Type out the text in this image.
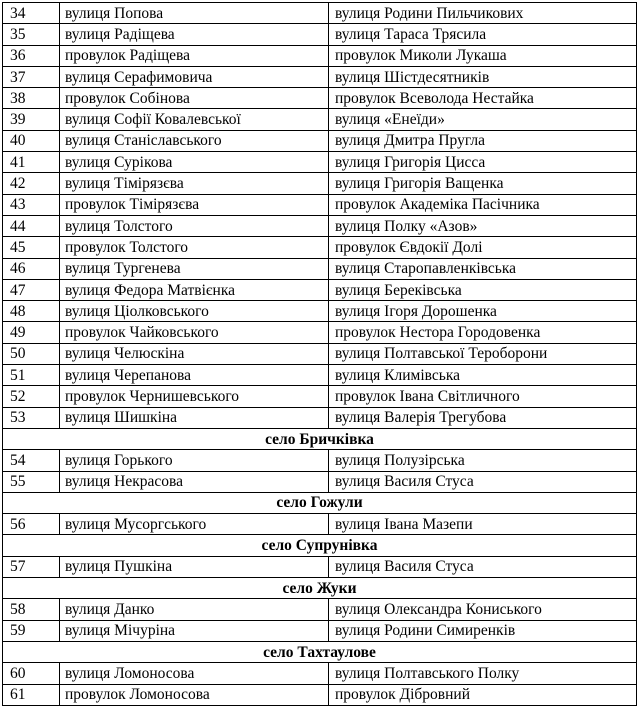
34	вулиця Попова	вулиця Родини Пильчикових
35	вулиця Радіщева	вулиця Тараса Трясила
36	провулок Радіщева	провулок Миколи Лукаша
37	вулиця Серафимовича	вулиця Шістдесятників
38	провулок Собінова	провулок Всеволода Нестайка
39	вулиця Софії Ковалевської	вулиця «Енеїди»
40	вулиця Станіславського	вулиця Дмитра Пругла
41	вулиця Сурікова	вулиця Григорія Цисса
42	вулиця Тімірязєва	вулиця Григорія Ващенка
43	провулок Тімірязєва	провулок Академіка Пасічника
44	вулиця Толстого	вулиця Полку «Азов»
45	провулок Толстого	провулок Євдокії Долі
46	вулиця Тургенева	вулиця Старопавленківська
47	вулиця Федора Матвієнка	вулиця Береківська
48	вулиця Ціолковського	вулиця Ігоря Дорошенка
49	провулок Чайковського	провулок Нестора Городовенка
50	вулиця Челюскіна	вулиця Полтавської Тероборони
51	вулиця Черепанова	вулиця Климівська
52	провулок Чернишевського	провулок Івана Світличного
53	вулиця Шишкіна	вулиця Валерія Трегубова
село Бричківка		
54	вулиця Горького	вулиця Полузірська
55	вулиця Некрасова	вулиця Василя Стуса
село Гожули		
56	вулиця Мусоргського	вулиця Івана Мазепи
село Супрунівка		
57	вулиця Пушкіна	вулиця Василя Стуса
село Жуки		
58	вулиця Данко	вулиця Олександра Кониського
59	вулиця Мічуріна	вулиця Родини Симиренків
село Тахтаулове		
60	вулиця Ломоносова	вулиця Полтавського Полку
61	провулок Ломоносова	провулок Дібровний
